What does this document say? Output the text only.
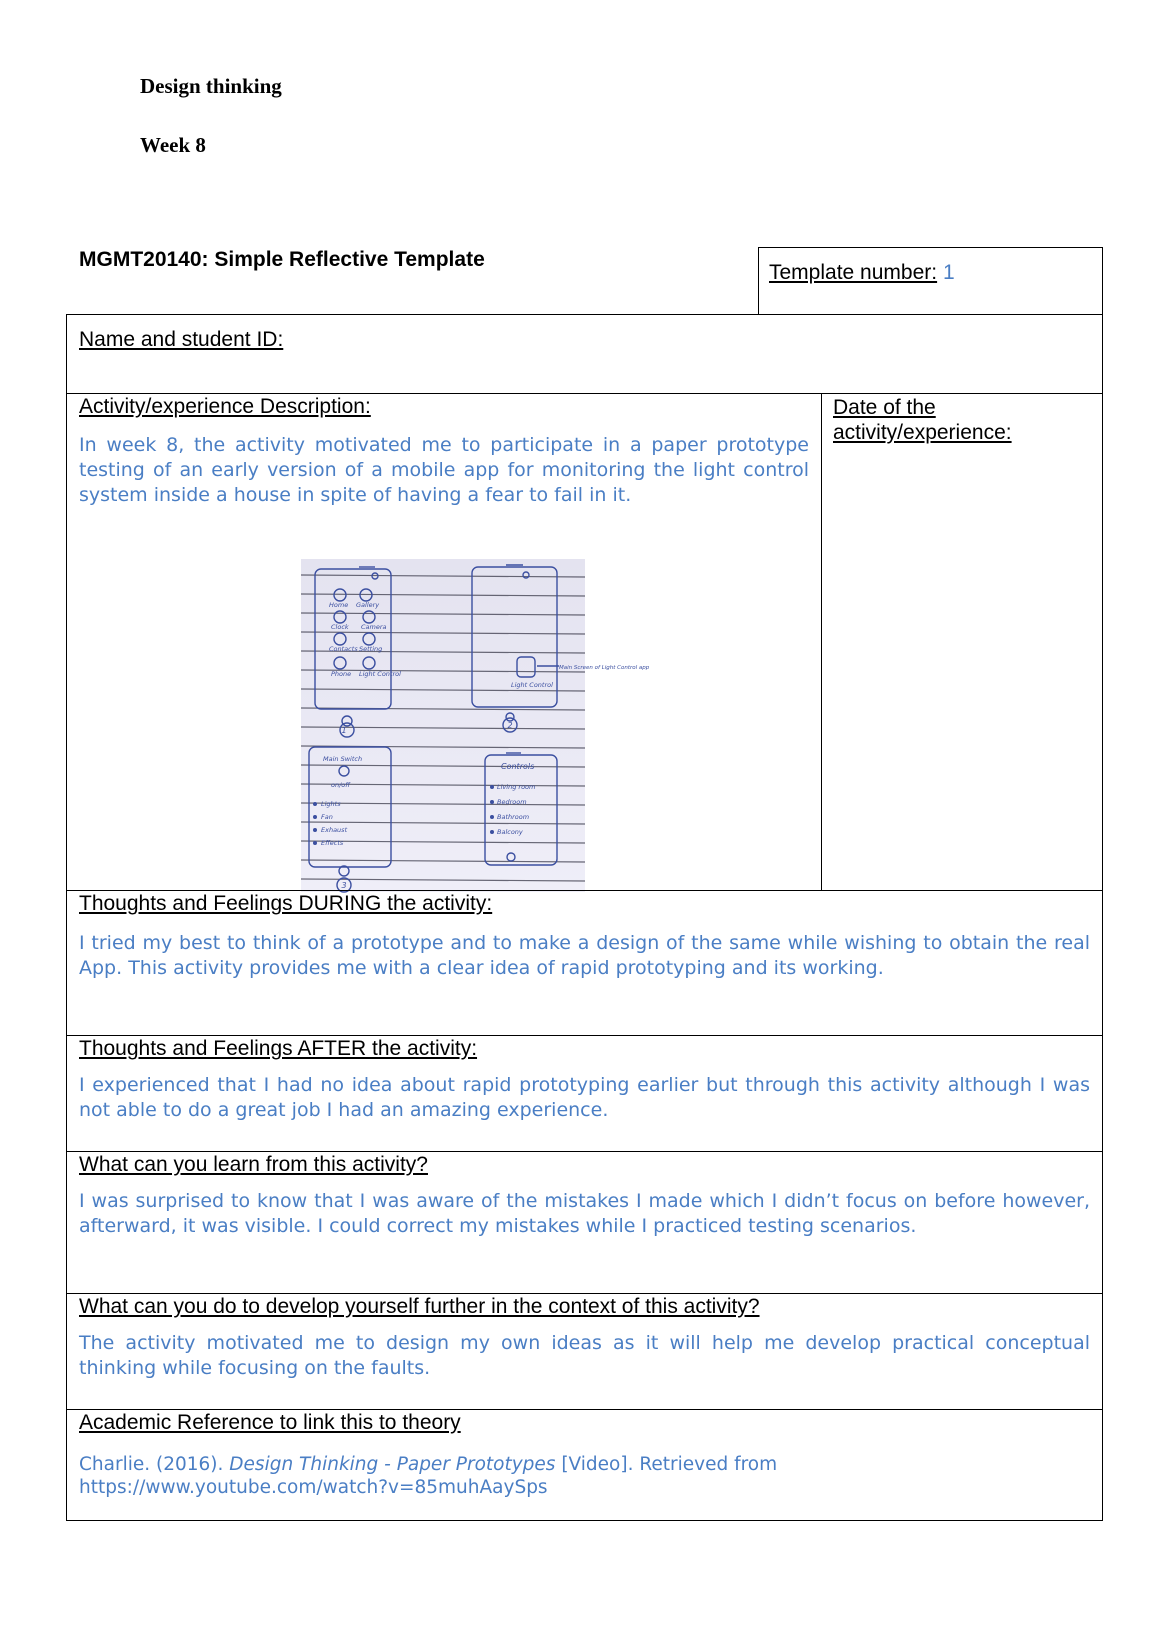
Design thinking
Week 8
MGMT20140: Simple Reflective Template
Template number: 1
Name and student ID:
Activity/experience Description:
In week 8, the activity motivated me to participate in a paper prototype testing of an early version of a mobile app for monitoring the light control system inside a house in spite of having a fear to fail in it.
Date of the
activity/experience:
Home Gallery
Clock Camera
Contacts Setting
Phone Light Control
Light Control
Main Screen of Light Control app
Main Switch
on/off
Lights
Fan
Exhaust
Effects
Controls
Living room
Bedroom
Bathroom
Balcony
1
2
3
Thoughts and Feelings DURING the activity:
I tried my best to think of a prototype and to make a design of the same while wishing to obtain the real App. This activity provides me with a clear idea of rapid prototyping and its working.
Thoughts and Feelings AFTER the activity:
I experienced that I had no idea about rapid prototyping earlier but through this activity although I was not able to do a great job I had an amazing experience.
What can you learn from this activity?
I was surprised to know that I was aware of the mistakes I made which I didn’t focus on before however, afterward, it was visible. I could correct my mistakes while I practiced testing scenarios.
What can you do to develop yourself further in the context of this activity?
The activity motivated me to design my own ideas as it will help me develop practical conceptual thinking while focusing on the faults.
Academic Reference to link this to theory
Charlie. (2016). Design Thinking - Paper Prototypes [Video]. Retrieved from
https://www.youtube.com/watch?v=85muhAaySps
